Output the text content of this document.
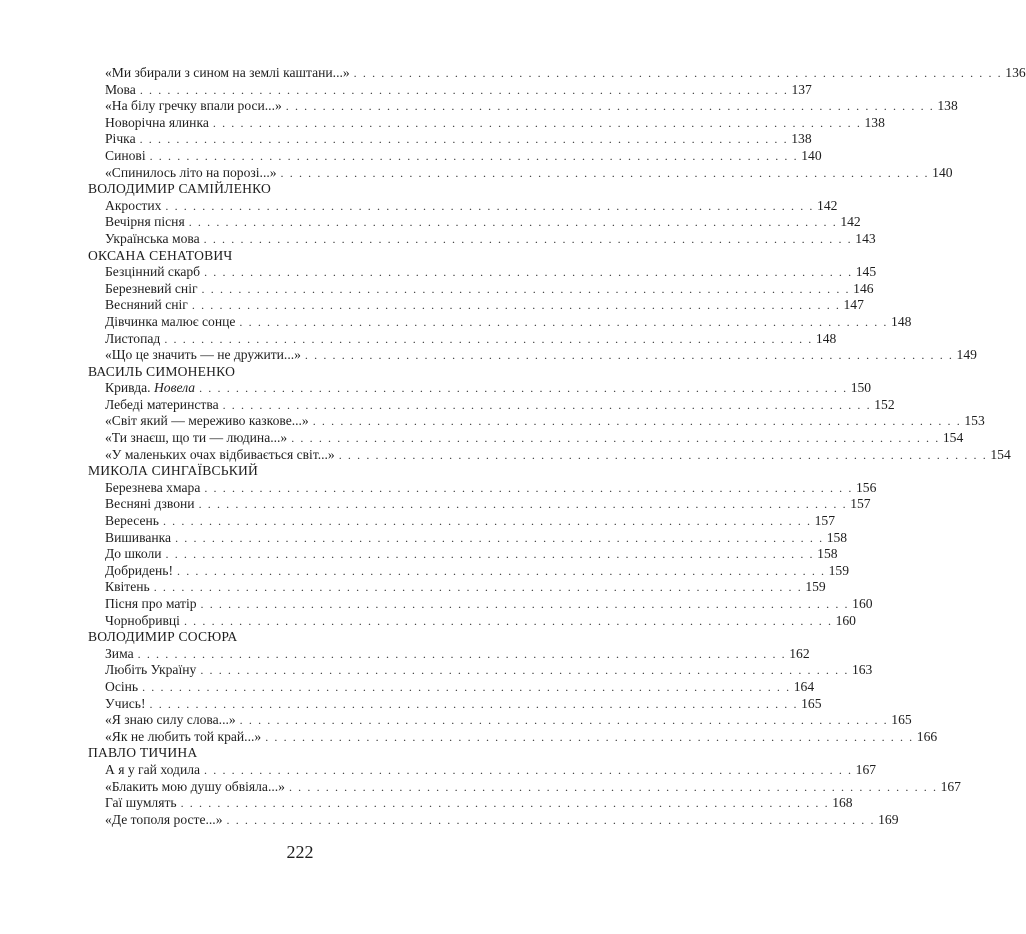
«Ми збирали з сином на землі каштани...» . . . . . . . . . . . . . . . . . . . . . . . . . . . . . . . . . . . . . . . . . . . . . . . . . . . . . . . . . . . . . . . . . . . . . . . 136
Мова . . . . . . . . . . . . . . . . . . . . . . . . . . . . . . . . . . . . . . . . . . . . . . . . . . . . . . . . . . . . . . . . . . . . . . . 137
«На білу гречку впали роси...» . . . . . . . . . . . . . . . . . . . . . . . . . . . . . . . . . . . . . . . . . . . . . . . . . . . . . . . . . . . . . . . . . . . . . . . 138
Новорічна ялинка . . . . . . . . . . . . . . . . . . . . . . . . . . . . . . . . . . . . . . . . . . . . . . . . . . . . . . . . . . . . . . . . . . . . . . . 138
Річка . . . . . . . . . . . . . . . . . . . . . . . . . . . . . . . . . . . . . . . . . . . . . . . . . . . . . . . . . . . . . . . . . . . . . . . 138
Синові . . . . . . . . . . . . . . . . . . . . . . . . . . . . . . . . . . . . . . . . . . . . . . . . . . . . . . . . . . . . . . . . . . . . . . . 140
«Спинилось літо на порозі...» . . . . . . . . . . . . . . . . . . . . . . . . . . . . . . . . . . . . . . . . . . . . . . . . . . . . . . . . . . . . . . . . . . . . . . . 140
ВОЛОДИМИР САМІЙЛЕНКО
Акростих . . . . . . . . . . . . . . . . . . . . . . . . . . . . . . . . . . . . . . . . . . . . . . . . . . . . . . . . . . . . . . . . . . . . . . . 142
Вечірня пісня . . . . . . . . . . . . . . . . . . . . . . . . . . . . . . . . . . . . . . . . . . . . . . . . . . . . . . . . . . . . . . . . . . . . . . . 142
Українська мова . . . . . . . . . . . . . . . . . . . . . . . . . . . . . . . . . . . . . . . . . . . . . . . . . . . . . . . . . . . . . . . . . . . . . . . 143
ОКСАНА СЕНАТОВИЧ
Безцінний скарб . . . . . . . . . . . . . . . . . . . . . . . . . . . . . . . . . . . . . . . . . . . . . . . . . . . . . . . . . . . . . . . . . . . . . . . 145
Березневий сніг . . . . . . . . . . . . . . . . . . . . . . . . . . . . . . . . . . . . . . . . . . . . . . . . . . . . . . . . . . . . . . . . . . . . . . . 146
Весняний сніг . . . . . . . . . . . . . . . . . . . . . . . . . . . . . . . . . . . . . . . . . . . . . . . . . . . . . . . . . . . . . . . . . . . . . . . 147
Дівчинка малює сонце . . . . . . . . . . . . . . . . . . . . . . . . . . . . . . . . . . . . . . . . . . . . . . . . . . . . . . . . . . . . . . . . . . . . . . . 148
Листопад . . . . . . . . . . . . . . . . . . . . . . . . . . . . . . . . . . . . . . . . . . . . . . . . . . . . . . . . . . . . . . . . . . . . . . . 148
«Що це значить — не дружити...» . . . . . . . . . . . . . . . . . . . . . . . . . . . . . . . . . . . . . . . . . . . . . . . . . . . . . . . . . . . . . . . . . . . . . . . 149
ВАСИЛЬ СИМОНЕНКО
Кривда. Новела . . . . . . . . . . . . . . . . . . . . . . . . . . . . . . . . . . . . . . . . . . . . . . . . . . . . . . . . . . . . . . . . . . . . . . . 150
Лебеді материнства . . . . . . . . . . . . . . . . . . . . . . . . . . . . . . . . . . . . . . . . . . . . . . . . . . . . . . . . . . . . . . . . . . . . . . . 152
«Світ який — мереживо казкове...» . . . . . . . . . . . . . . . . . . . . . . . . . . . . . . . . . . . . . . . . . . . . . . . . . . . . . . . . . . . . . . . . . . . . . . . 153
«Ти знаєш, що ти — людина...» . . . . . . . . . . . . . . . . . . . . . . . . . . . . . . . . . . . . . . . . . . . . . . . . . . . . . . . . . . . . . . . . . . . . . . . 154
«У маленьких очах відбивається світ...» . . . . . . . . . . . . . . . . . . . . . . . . . . . . . . . . . . . . . . . . . . . . . . . . . . . . . . . . . . . . . . . . . . . . . . . 154
МИКОЛА СИНГАЇВСЬКИЙ
Березнева хмара . . . . . . . . . . . . . . . . . . . . . . . . . . . . . . . . . . . . . . . . . . . . . . . . . . . . . . . . . . . . . . . . . . . . . . . 156
Весняні дзвони . . . . . . . . . . . . . . . . . . . . . . . . . . . . . . . . . . . . . . . . . . . . . . . . . . . . . . . . . . . . . . . . . . . . . . . 157
Вересень . . . . . . . . . . . . . . . . . . . . . . . . . . . . . . . . . . . . . . . . . . . . . . . . . . . . . . . . . . . . . . . . . . . . . . . 157
Вишиванка . . . . . . . . . . . . . . . . . . . . . . . . . . . . . . . . . . . . . . . . . . . . . . . . . . . . . . . . . . . . . . . . . . . . . . . 158
До школи . . . . . . . . . . . . . . . . . . . . . . . . . . . . . . . . . . . . . . . . . . . . . . . . . . . . . . . . . . . . . . . . . . . . . . . 158
Добридень! . . . . . . . . . . . . . . . . . . . . . . . . . . . . . . . . . . . . . . . . . . . . . . . . . . . . . . . . . . . . . . . . . . . . . . . 159
Квітень . . . . . . . . . . . . . . . . . . . . . . . . . . . . . . . . . . . . . . . . . . . . . . . . . . . . . . . . . . . . . . . . . . . . . . . 159
Пісня про матір . . . . . . . . . . . . . . . . . . . . . . . . . . . . . . . . . . . . . . . . . . . . . . . . . . . . . . . . . . . . . . . . . . . . . . . 160
Чорнобривці . . . . . . . . . . . . . . . . . . . . . . . . . . . . . . . . . . . . . . . . . . . . . . . . . . . . . . . . . . . . . . . . . . . . . . . 160
ВОЛОДИМИР СОСЮРА
Зима . . . . . . . . . . . . . . . . . . . . . . . . . . . . . . . . . . . . . . . . . . . . . . . . . . . . . . . . . . . . . . . . . . . . . . . 162
Любіть Україну . . . . . . . . . . . . . . . . . . . . . . . . . . . . . . . . . . . . . . . . . . . . . . . . . . . . . . . . . . . . . . . . . . . . . . . 163
Осінь . . . . . . . . . . . . . . . . . . . . . . . . . . . . . . . . . . . . . . . . . . . . . . . . . . . . . . . . . . . . . . . . . . . . . . . 164
Учись! . . . . . . . . . . . . . . . . . . . . . . . . . . . . . . . . . . . . . . . . . . . . . . . . . . . . . . . . . . . . . . . . . . . . . . . 165
«Я знаю силу слова...» . . . . . . . . . . . . . . . . . . . . . . . . . . . . . . . . . . . . . . . . . . . . . . . . . . . . . . . . . . . . . . . . . . . . . . . 165
«Як не любить той край...» . . . . . . . . . . . . . . . . . . . . . . . . . . . . . . . . . . . . . . . . . . . . . . . . . . . . . . . . . . . . . . . . . . . . . . . 166
ПАВЛО ТИЧИНА
А я у гай ходила . . . . . . . . . . . . . . . . . . . . . . . . . . . . . . . . . . . . . . . . . . . . . . . . . . . . . . . . . . . . . . . . . . . . . . . 167
«Блакить мою душу обвіяла...» . . . . . . . . . . . . . . . . . . . . . . . . . . . . . . . . . . . . . . . . . . . . . . . . . . . . . . . . . . . . . . . . . . . . . . . 167
Гаї шумлять . . . . . . . . . . . . . . . . . . . . . . . . . . . . . . . . . . . . . . . . . . . . . . . . . . . . . . . . . . . . . . . . . . . . . . . 168
«Де тополя росте...» . . . . . . . . . . . . . . . . . . . . . . . . . . . . . . . . . . . . . . . . . . . . . . . . . . . . . . . . . . . . . . . . . . . . . . . 169
222
